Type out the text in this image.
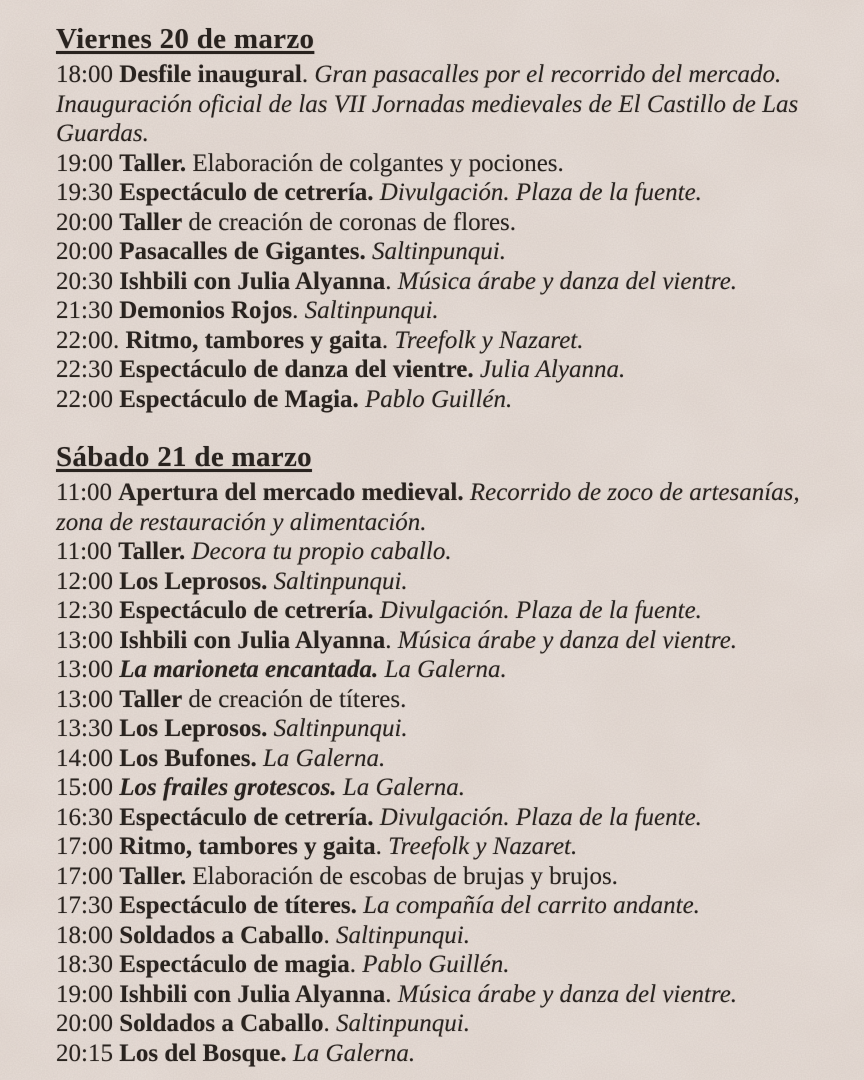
Viernes 20 de marzo

18:00 Desfile inaugural. Gran pasacalles por el recorrido del mercado. Inauguración oficial de las VII Jornadas medievales de El Castillo de Las Guardas.

19:00 Taller. Elaboración de colgantes y pociones.

19:30 Espectáculo de cetrería. Divulgación. Plaza de la fuente.

20:00 Taller de creación de coronas de flores.

20:00 Pasacalles de Gigantes. Saltinpunqui.

20:30 Ishbili con Julia Alyanna. Música árabe y danza del vientre.

21:30 Demonios Rojos. Saltinpunqui.

22:00. Ritmo, tambores y gaita. Treefolk y Nazaret.

22:30 Espectáculo de danza del vientre. Julia Alyanna.

22:00 Espectáculo de Magia. Pablo Guillén.

Sábado 21 de marzo

11:00 Apertura del mercado medieval. Recorrido de zoco de artesanías, zona de restauración y alimentación.

11:00 Taller. Decora tu propio caballo.

12:00 Los Leprosos. Saltinpunqui.

12:30 Espectáculo de cetrería. Divulgación. Plaza de la fuente.

13:00 Ishbili con Julia Alyanna. Música árabe y danza del vientre.

13:00 La marioneta encantada. La Galerna.

13:00 Taller de creación de títeres.

13:30 Los Leprosos. Saltinpunqui.

14:00 Los Bufones. La Galerna.

15:00 Los frailes grotescos. La Galerna.

16:30 Espectáculo de cetrería. Divulgación. Plaza de la fuente.

17:00 Ritmo, tambores y gaita. Treefolk y Nazaret.

17:00 Taller. Elaboración de escobas de brujas y brujos.

17:30 Espectáculo de títeres. La compañía del carrito andante.

18:00 Soldados a Caballo. Saltinpunqui.

18:30 Espectáculo de magia. Pablo Guillén.

19:00 Ishbili con Julia Alyanna. Música árabe y danza del vientre.

20:00 Soldados a Caballo. Saltinpunqui.

20:15 Los del Bosque. La Galerna.
